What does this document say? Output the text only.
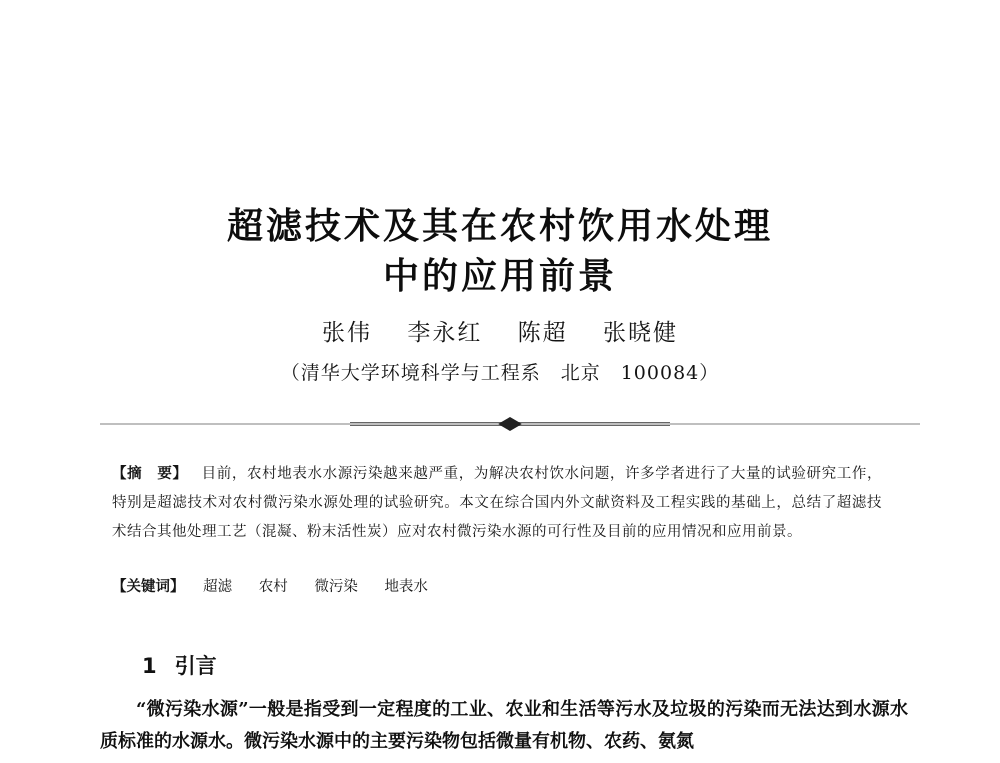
超滤技术及其在农村饮用水处理
中的应用前景
张伟 李永红 陈超 张晓健
（清华大学环境科学与工程系　北京　100084）
【摘　要】 目前，农村地表水水源污染越来越严重，为解决农村饮水问题，许多学者进行了大量的试验研究工作，特别是超滤技术对农村微污染水源处理的试验研究。本文在综合国内外文献资料及工程实践的基础上，总结了超滤技术结合其他处理工艺（混凝、粉末活性炭）应对农村微污染水源的可行性及目前的应用情况和应用前景。
【关键词】 超滤 农村 微污染 地表水
1 引言
“微污染水源”一般是指受到一定程度的工业、农业和生活等污水及垃圾的污染而无法达到水源水质标准的水源水。微污染水源中的主要污染物包括微量有机物、农药、氨氮
